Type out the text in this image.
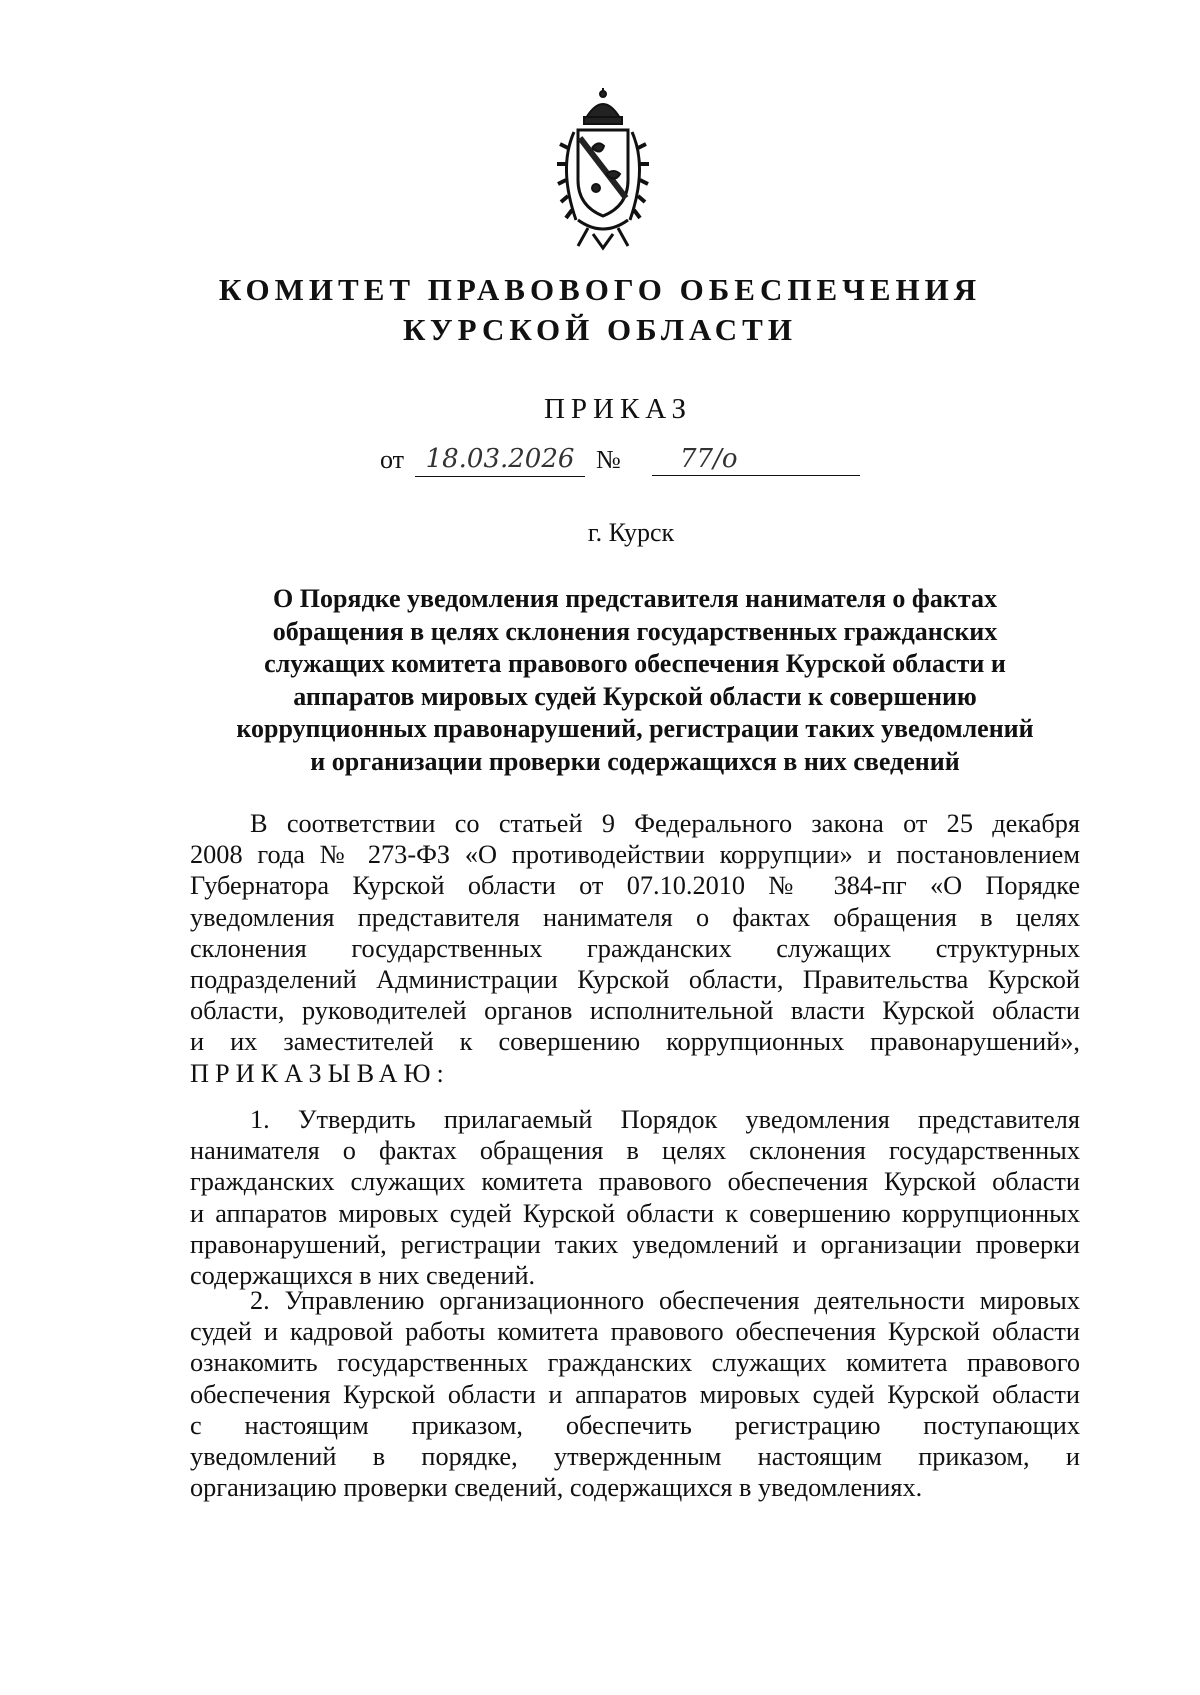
КОМИТЕТ ПРАВОВОГО ОБЕСПЕЧЕНИЯ
КУРСКОЙ ОБЛАСТИ
ПРИКАЗ
от 18.03.2026 №	77/о
г. Курск
О Порядке уведомления представителя нанимателя о фактах
обращения в целях склонения государственных гражданских
служащих комитета правового обеспечения Курской области и
аппаратов мировых судей Курской области к совершению
коррупционных правонарушений, регистрации таких уведомлений
и организации проверки содержащихся в них сведений
В соответствии со статьей 9 Федерального закона от 25 декабря
2008 года № 273-ФЗ «О противодействии коррупции» и постановлением
Губернатора Курской области от 07.10.2010 № 384-пг «О Порядке
уведомления представителя нанимателя о фактах обращения в целях
склонения государственных гражданских служащих структурных
подразделений Администрации Курской области, Правительства Курской
области, руководителей органов исполнительной власти Курской области
и их заместителей к совершению коррупционных правонарушений»,
ПРИКАЗЫВАЮ:
1. Утвердить прилагаемый Порядок уведомления представителя
нанимателя о фактах обращения в целях склонения государственных
гражданских служащих комитета правового обеспечения Курской области
и аппаратов мировых судей Курской области к совершению коррупционных
правонарушений, регистрации таких уведомлений и организации проверки
содержащихся в них сведений.
2. Управлению организационного обеспечения деятельности мировых
судей и кадровой работы комитета правового обеспечения Курской области
ознакомить государственных гражданских служащих комитета правового
обеспечения Курской области и аппаратов мировых судей Курской области
с настоящим приказом, обеспечить регистрацию поступающих
уведомлений в порядке, утвержденным настоящим приказом, и
организацию проверки сведений, содержащихся в уведомлениях.
